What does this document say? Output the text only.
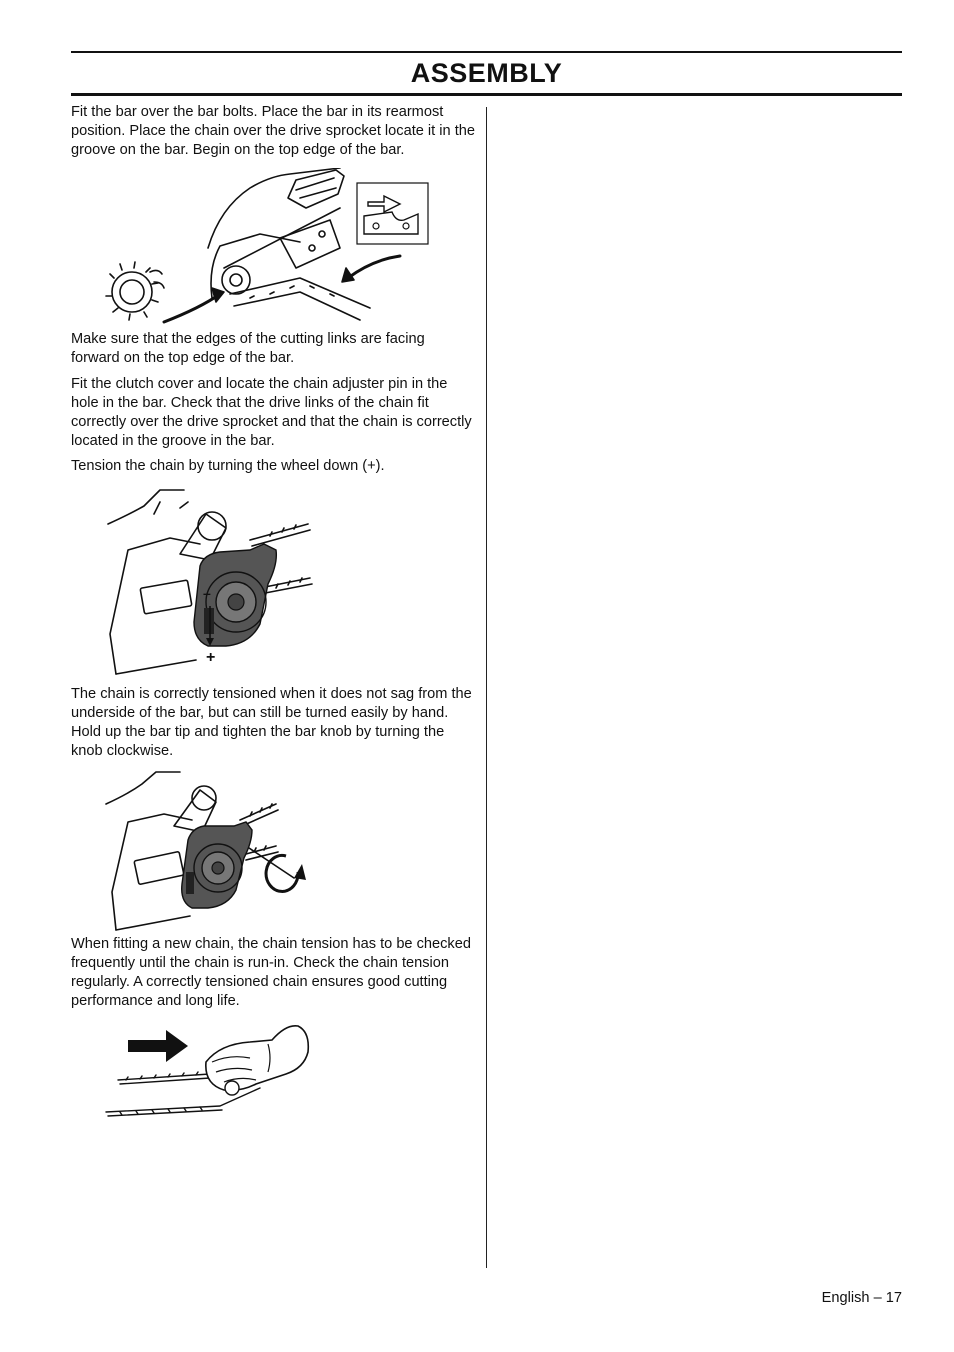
ASSEMBLY

Fit the bar over the bar bolts. Place the bar in its rearmost position. Place the chain over the drive sprocket locate it in the groove on the bar. Begin on the top edge of the bar.

Make sure that the edges of the cutting links are facing forward on the top edge of the bar.

Fit the clutch cover and locate the chain adjuster pin in the hole in the bar. Check that the drive links of the chain fit correctly over the drive sprocket and that the chain is correctly located in the groove in the bar.

Tension the chain by turning the wheel down (+).

–
+

The chain is correctly tensioned when it does not sag from the underside of the bar, but can still be turned easily by hand. Hold up the bar tip and tighten the bar knob by turning the knob clockwise.

When fitting a new chain, the chain tension has to be checked frequently until the chain is run-in. Check the chain tension regularly. A correctly tensioned chain ensures good cutting performance and long life.

English – 17
